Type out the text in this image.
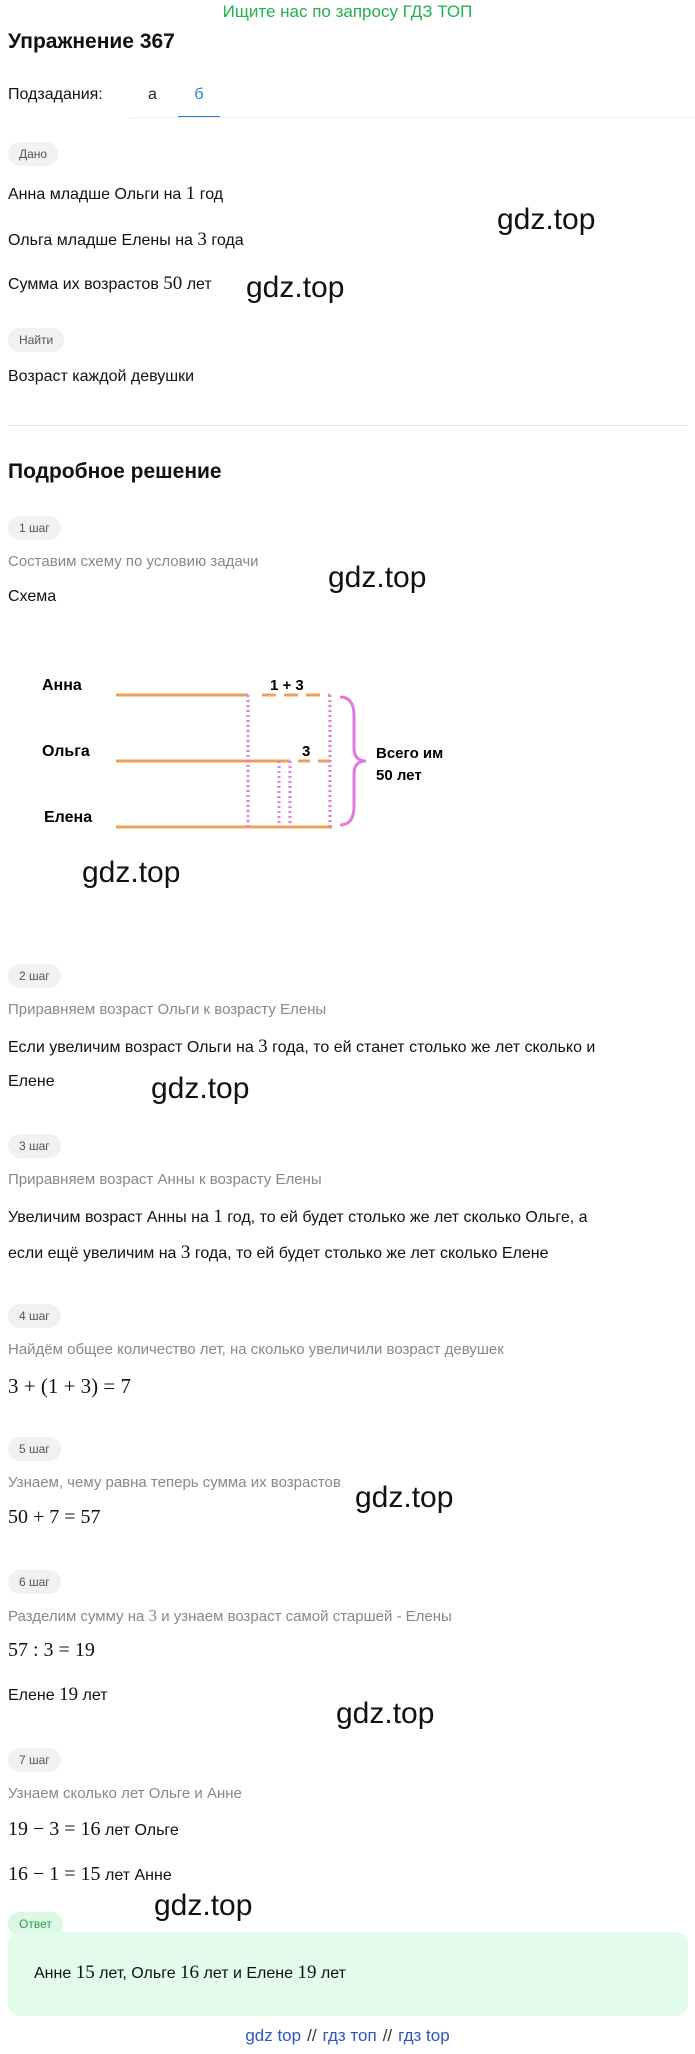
Ищите нас по запросу ГДЗ ТОП
Упражнение 367
Подзадания:	а	б
Дано
Анна младше Ольги на 1 год
Ольга младше Елены на 3 года
Сумма их возрастов 50 лет
Найти
Возраст каждой девушки
Подробное решение
1 шаг
Составим схему по условию задачи
Схема
Анна
Ольга
Елена
1 + 3
3	Всего им
50 лет
2 шаг
Приравняем возраст Ольги к возрасту Елены
Если увеличим возраст Ольги на 3 года, то ей станет столько же лет сколько и
Елене
3 шаг
Приравняем возраст Анны к возрасту Елены
Увеличим возраст Анны на 1 год, то ей будет столько же лет сколько Ольге, а
если ещё увеличим на 3 года, то ей будет столько же лет сколько Елене
4 шаг
Найдём общее количество лет, на сколько увеличили возраст девушек
3 + (1 + 3) = 7
5 шаг
Узнаем, чему равна теперь сумма их возрастов
50 + 7 = 57
6 шаг
Разделим сумму на 3 и узнаем возраст самой старшей - Елены
57 : 3 = 19
Елене 19 лет
7 шаг
Узнаем сколько лет Ольге и Анне
19 − 3 = 16 лет Ольге
16 − 1 = 15 лет Анне
Ответ
Анне 15 лет, Ольге 16 лет и Елене 19 лет
gdz.top
gdz.top
gdz.top
gdz.top
gdz.top
gdz.top
gdz.top
gdz.top
gdz top // гдз топ // гдз top
